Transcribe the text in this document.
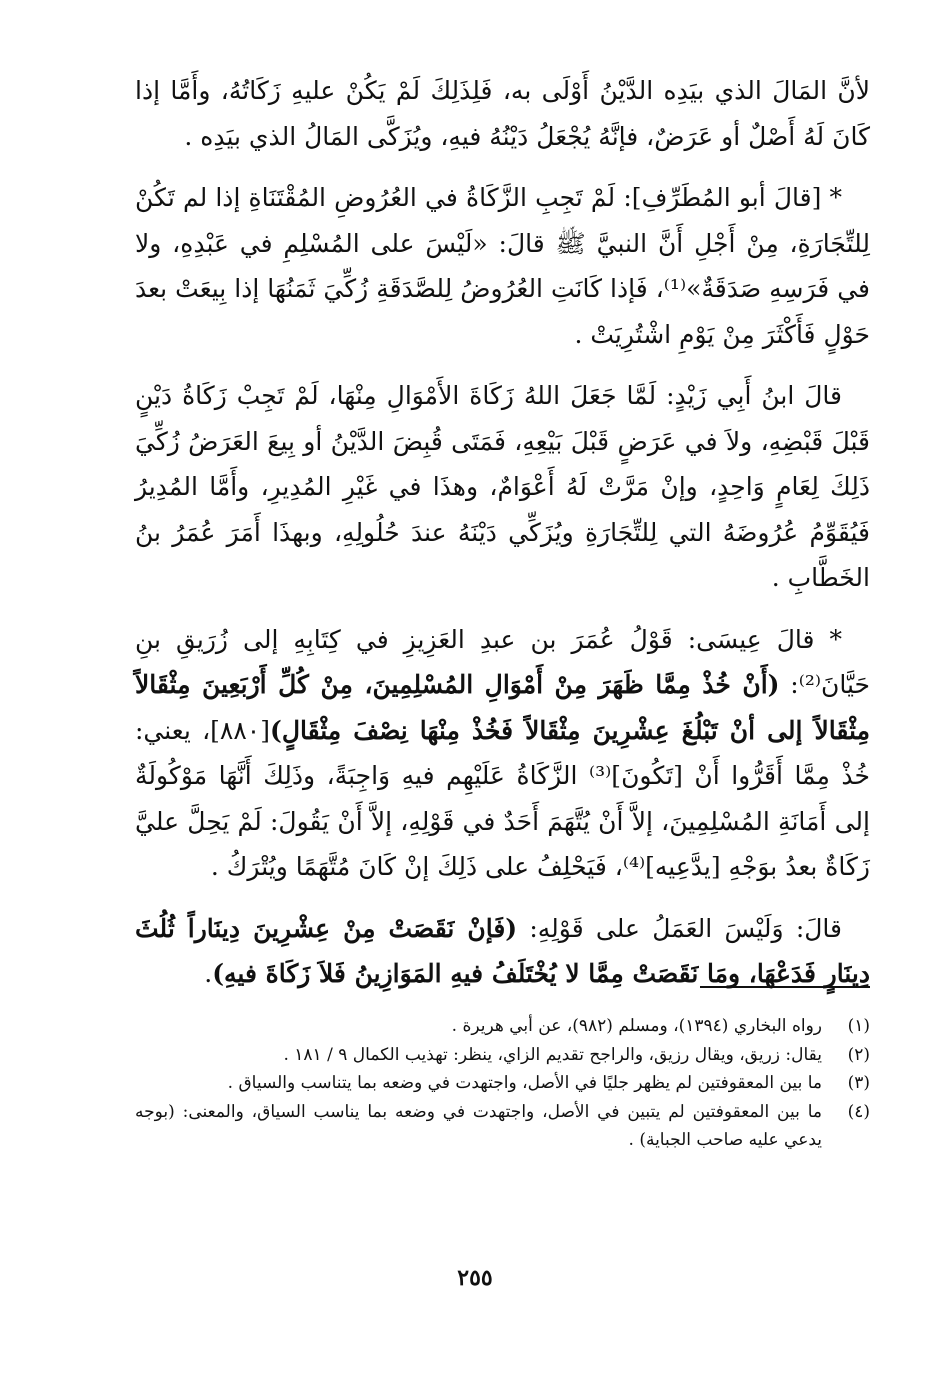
لأنَّ المَالَ الذي بيَدِه الدَّيْنُ أَوْلَى به، فَلِذَلِكَ لَمْ يَكُنْ عليهِ زَكَاتُهُ، وأَمَّا إذا كَانَ لَهُ أَصْلٌ أو عَرَضٌ، فإنَّهُ يُجْعَلُ دَيْنُهُ فيهِ، ويُزَكَّى المَالُ الذي بيَدِه .

* [قالَ أبو المُطَرِّفِ]: لَمْ تَجِبِ الزَّكَاةُ في العُرُوضِ المُقْتَنَاةِ إذا لم تَكُنْ لِلتِّجَارَةِ، مِنْ أَجْلِ أَنَّ النبيَّ ﷺ قالَ: «لَيْسَ على المُسْلِمِ في عَبْدِهِ، ولا في فَرَسِهِ صَدَقَةٌ»⁽¹⁾، فَإذا كَانَتِ العُرُوضُ لِلصَّدَقَةِ زُكِّيَ ثَمَنُهَا إذا بِيعَتْ بعدَ حَوْلٍ فَأَكْثَرَ مِنْ يَوْمِ اشْتُرِيَتْ .

قالَ ابنُ أَبِي زَيْدٍ: لَمَّا جَعَلَ اللهُ زَكَاةَ الأَمْوَالِ مِنْهَا، لَمْ تَجِبْ زَكَاةُ دَيْنٍ قَبْلَ قَبْضِهِ، ولاَ في عَرَضٍ قَبْلَ بَيْعِهِ، فَمَتَى قُبِضَ الدَّيْنُ أو بِيعَ العَرَضُ زُكِّيَ ذَلِكَ لِعَامٍ وَاحِدٍ، وإنْ مَرَّتْ لَهُ أَعْوَامٌ، وهذَا في غَيْرِ المُدِيرِ، وأَمَّا المُدِيرُ فَيُقَوِّمُ عُرُوضَهُ التي لِلتِّجَارَةِ ويُزَكِّي دَيْنَهُ عندَ حُلُولِهِ، وبهذَا أَمَرَ عُمَرُ بنُ الخَطَّابِ .

* قالَ عِيسَى: قَوْلُ عُمَرَ بن عبدِ العَزِيزِ في كِتَابِهِ إلى زُرَيقِ بنِ حَيَّانَ⁽²⁾: (أَنْ خُذْ مِمَّا ظَهَرَ مِنْ أَمْوَالِ المُسْلِمِينَ، مِنْ كُلِّ أَرْبَعِينَ مِثْقَالاً مِثْقَالاً إلى أنْ تَبْلُغَ عِشْرِينَ مِثْقَالاً فَخُذْ مِنْهَا نِصْفَ مِثْقَالٍ)[٨٨٠]، يعني: خُذْ مِمَّا أَقَرُّوا أَنْ [تَكُونَ]⁽³⁾ الزَّكَاةُ عَلَيْهِم فيهِ وَاجِبَةً، وذَلِكَ أَنَّهَا مَوْكُولَةٌ إلى أَمَانَةِ المُسْلِمِينَ، إلاَّ أَنْ يُتَّهَمَ أَحَدٌ في قَوْلِهِ، إلاَّ أَنْ يَقُولَ: لَمْ يَحِلَّ عليَّ زَكَاةٌ بعدُ بوَجْهِ [يدَّعِيه]⁽⁴⁾، فَيَحْلِفُ على ذَلِكَ إنْ كَانَ مُتَّهَمًا ويُتْرَكُ .

قالَ: وَلَيْسَ العَمَلُ على قَوْلِهِ: (فَإنْ نَقَصَتْ مِنْ عِشْرِينَ دِينَاراً ثُلُثَ دِينَارٍ فَدَعْهَا، ومَا نَقَصَتْ مِمَّا لا يُخْتَلَفُ فيهِ المَوَازِينُ فَلاَ زَكَاةَ فيهِ).

(١)
رواه البخاري (١٣٩٤)، ومسلم (٩٨٢)، عن أبي هريرة .
(٢)
يقال: زريق، ويقال رزيق، والراجح تقديم الزاي، ينظر: تهذيب الكمال ٩ / ١٨١ .
(٣)
ما بين المعقوفتين لم يظهر جليًا في الأصل، واجتهدت في وضعه بما يتناسب والسياق .
(٤)
ما بين المعقوفتين لم يتبين في الأصل، واجتهدت في وضعه بما يناسب السياق، والمعنى: (بوجه يدعي عليه صاحب الجباية) .
٢٥٥
